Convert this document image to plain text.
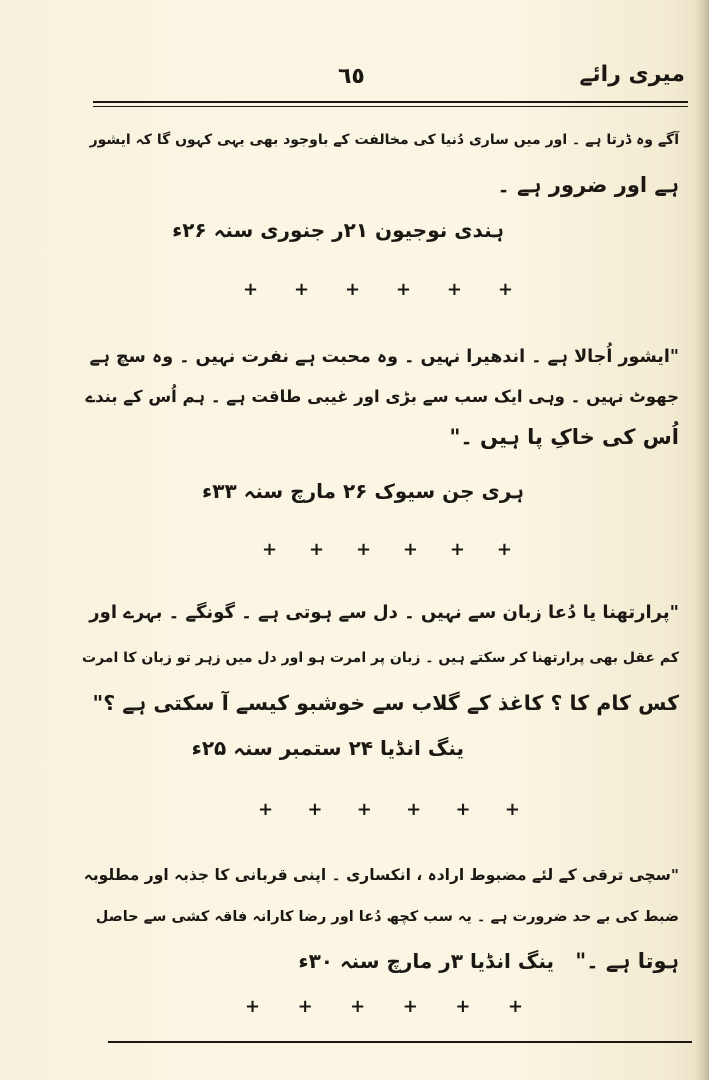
٦٥	میری رائے
آگے وہ ڈرتا ہے ۔ اور میں ساری دُنیا کی مخالفت کے باوجود بھی یہی کہوں گا کہ ایشور
ہے اور ضرور ہے ۔
ہندی نوجیون ۲۱ر جنوری سنہ ۲۶ء
+ + + + + +
"ایشور اُجالا ہے ۔ اندھیرا نہیں ۔ وہ محبت ہے نفرت نہیں ۔ وہ سچ ہے
جھوٹ نہیں ۔ وہی ایک سب سے بڑی اور غیبی طاقت ہے ۔ ہم اُس کے بندے
اُس کی خاکِ پا ہیں ۔"
ہری جن سیوک ۲۶ مارچ سنہ ۳۳ء
+ + + + + +
"پرارتھنا یا دُعا زبان سے نہیں ۔ دل سے ہوتی ہے ۔ گونگے ۔ بہرے اور
کم عقل بھی پرارتھنا کر سکتے ہیں ۔ زبان پر امرت ہو اور دل میں زہر تو زبان کا امرت
کس کام کا ؟ کاغذ کے گلاب سے خوشبو کیسے آ سکتی ہے ؟"
ینگ انڈیا ۲۴ ستمبر سنہ ۲۵ء
+ + + + + +
"سچی ترقی کے لئے مضبوط ارادہ ، انکساری ۔ اپنی قربانی کا جذبہ اور مطلوبہ
ضبط کی بے حد ضرورت ہے ۔ یہ سب کچھ دُعا اور رضا کارانہ فاقہ کشی سے حاصل
ہوتا ہے ۔"
ینگ انڈیا ۳ر مارچ سنہ ۳۰ء
+ + + + + +
